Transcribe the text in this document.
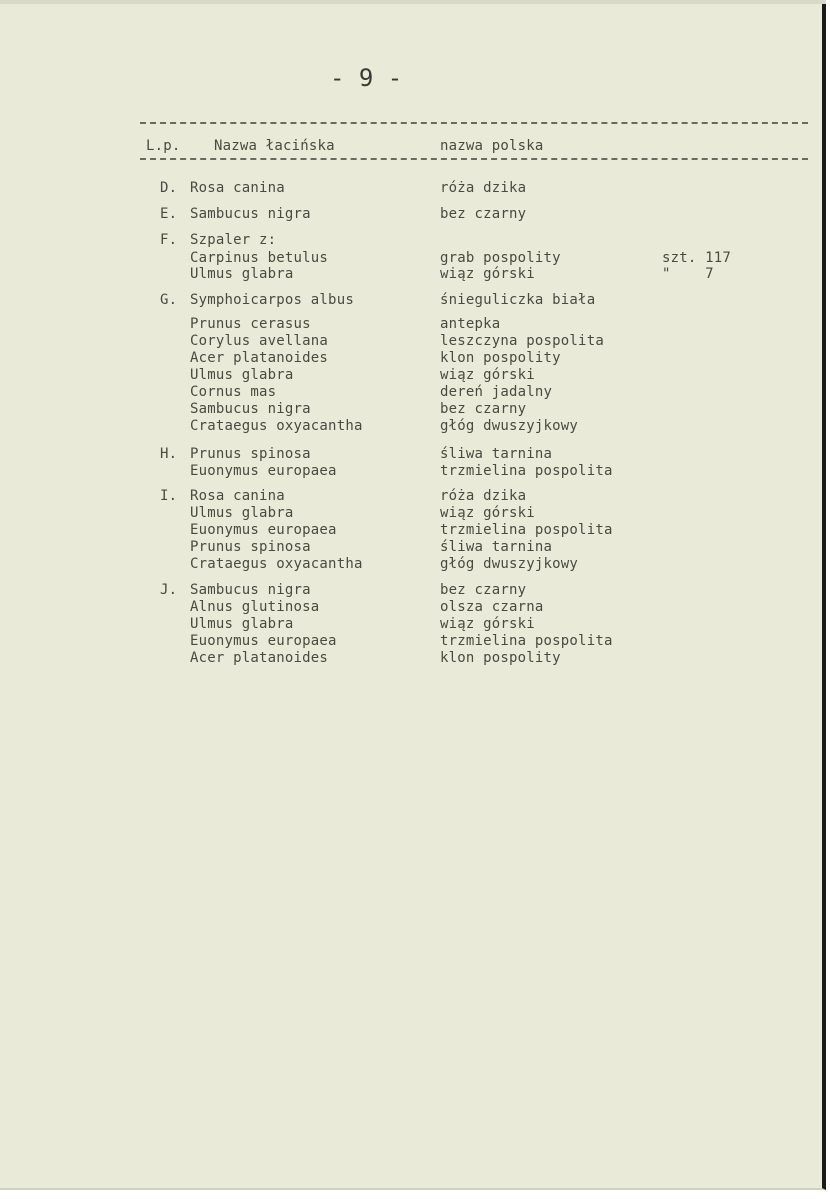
- 9 -
L.p. Nazwa łacińska	nazwa polska
D. Rosa canina	róża dzika
E. Sambucus nigra	bez czarny
F. Szpaler z:
Carpinus betulus	grab pospolity	szt. 117
Ulmus glabra	wiąz górski	"    7
G. Symphoicarpos albus	śnieguliczka biała
Prunus cerasus	antepka
Corylus avellana	leszczyna pospolita
Acer platanoides	klon pospolity
Ulmus glabra	wiąz górski
Cornus mas	dereń jadalny
Sambucus nigra	bez czarny
Crataegus oxyacantha	głóg dwuszyjkowy
H. Prunus spinosa	śliwa tarnina
Euonymus europaea	trzmielina pospolita
I. Rosa canina	róża dzika
Ulmus glabra	wiąz górski
Euonymus europaea	trzmielina pospolita
Prunus spinosa	śliwa tarnina
Crataegus oxyacantha	głóg dwuszyjkowy
J. Sambucus nigra	bez czarny
Alnus glutinosa	olsza czarna
Ulmus glabra	wiąz górski
Euonymus europaea	trzmielina pospolita
Acer platanoides	klon pospolity
